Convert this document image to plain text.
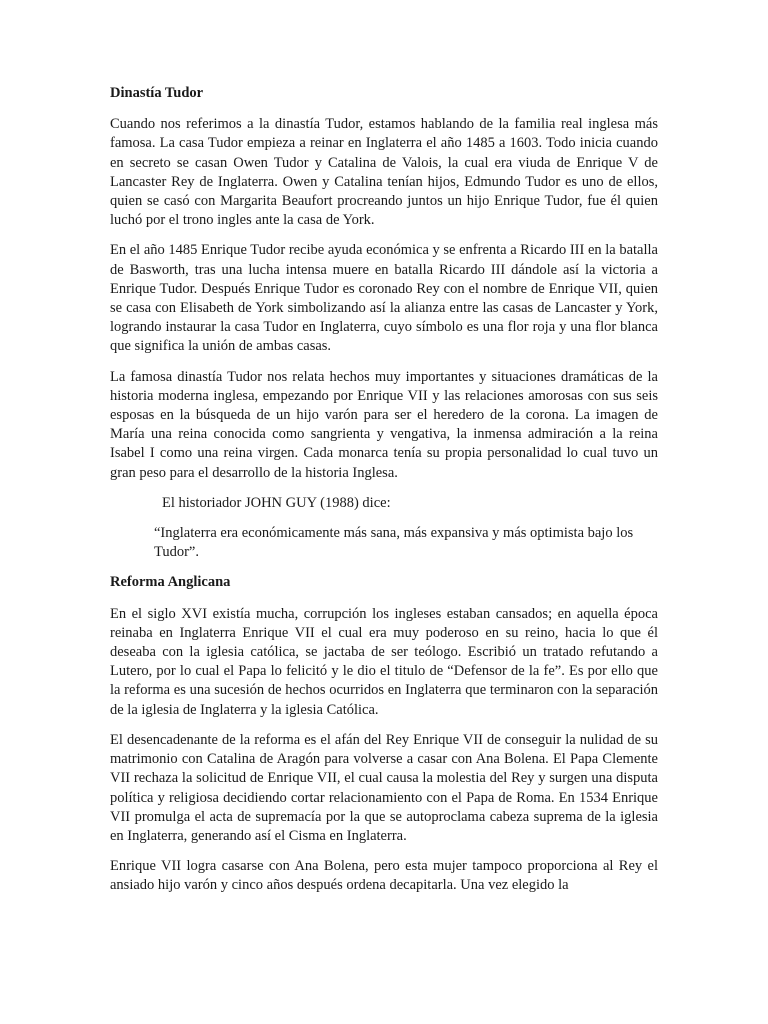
Dinastía Tudor

Cuando nos referimos a la dinastía Tudor, estamos hablando de la familia real inglesa más famosa. La casa Tudor empieza a reinar en Inglaterra el año 1485 a 1603. Todo inicia cuando en secreto se casan Owen Tudor y Catalina de Valois, la cual era viuda de Enrique V de Lancaster Rey de Inglaterra. Owen y Catalina tenían hijos, Edmundo Tudor es uno de ellos, quien se casó con Margarita Beaufort procreando juntos un hijo Enrique Tudor, fue él quien luchó por el trono ingles ante la casa de York.

En el año 1485 Enrique Tudor recibe ayuda económica y se enfrenta a Ricardo III en la batalla de Basworth, tras una lucha intensa muere en batalla Ricardo III dándole así la victoria a Enrique Tudor. Después Enrique Tudor es coronado Rey con el nombre de Enrique VII, quien se casa con Elisabeth de York simbolizando así la alianza entre las casas de Lancaster y York, logrando instaurar la casa Tudor en Inglaterra, cuyo símbolo es una flor roja y una flor blanca que significa la unión de ambas casas.

La famosa dinastía Tudor nos relata hechos muy importantes y situaciones dramáticas de la historia moderna inglesa, empezando por Enrique VII y las relaciones amorosas con sus seis esposas en la búsqueda de un hijo varón para ser el heredero de la corona. La imagen de María una reina conocida como sangrienta y vengativa, la inmensa admiración a la reina Isabel I como una reina virgen. Cada monarca tenía su propia personalidad lo cual tuvo un gran peso para el desarrollo de la historia Inglesa.

El historiador JOHN GUY (1988) dice:

“Inglaterra era económicamente más sana, más expansiva y más optimista bajo los Tudor”.

Reforma Anglicana

En el siglo XVI existía mucha, corrupción los ingleses estaban cansados; en aquella época reinaba en Inglaterra Enrique VII el cual era muy poderoso en su reino, hacia lo que él deseaba con la iglesia católica, se jactaba de ser teólogo. Escribió un tratado refutando a Lutero, por lo cual el Papa lo felicitó y le dio el titulo de “Defensor de la fe”. Es por ello que la reforma es una sucesión de hechos ocurridos en Inglaterra que terminaron con la separación de la iglesia de Inglaterra y la iglesia Católica.

El desencadenante de la reforma es el afán del Rey Enrique VII de conseguir la nulidad de su matrimonio con Catalina de Aragón para volverse a casar con Ana Bolena. El Papa Clemente VII rechaza la solicitud de Enrique VII, el cual causa la molestia del Rey y surgen una disputa política y religiosa decidiendo cortar relacionamiento con el Papa de Roma. En 1534 Enrique VII promulga el acta de supremacía por la que se autoproclama cabeza suprema de la iglesia en Inglaterra, generando así el Cisma en Inglaterra.

Enrique VII logra casarse con Ana Bolena, pero esta mujer tampoco proporciona al Rey el ansiado hijo varón y cinco años después ordena decapitarla. Una vez elegido la
